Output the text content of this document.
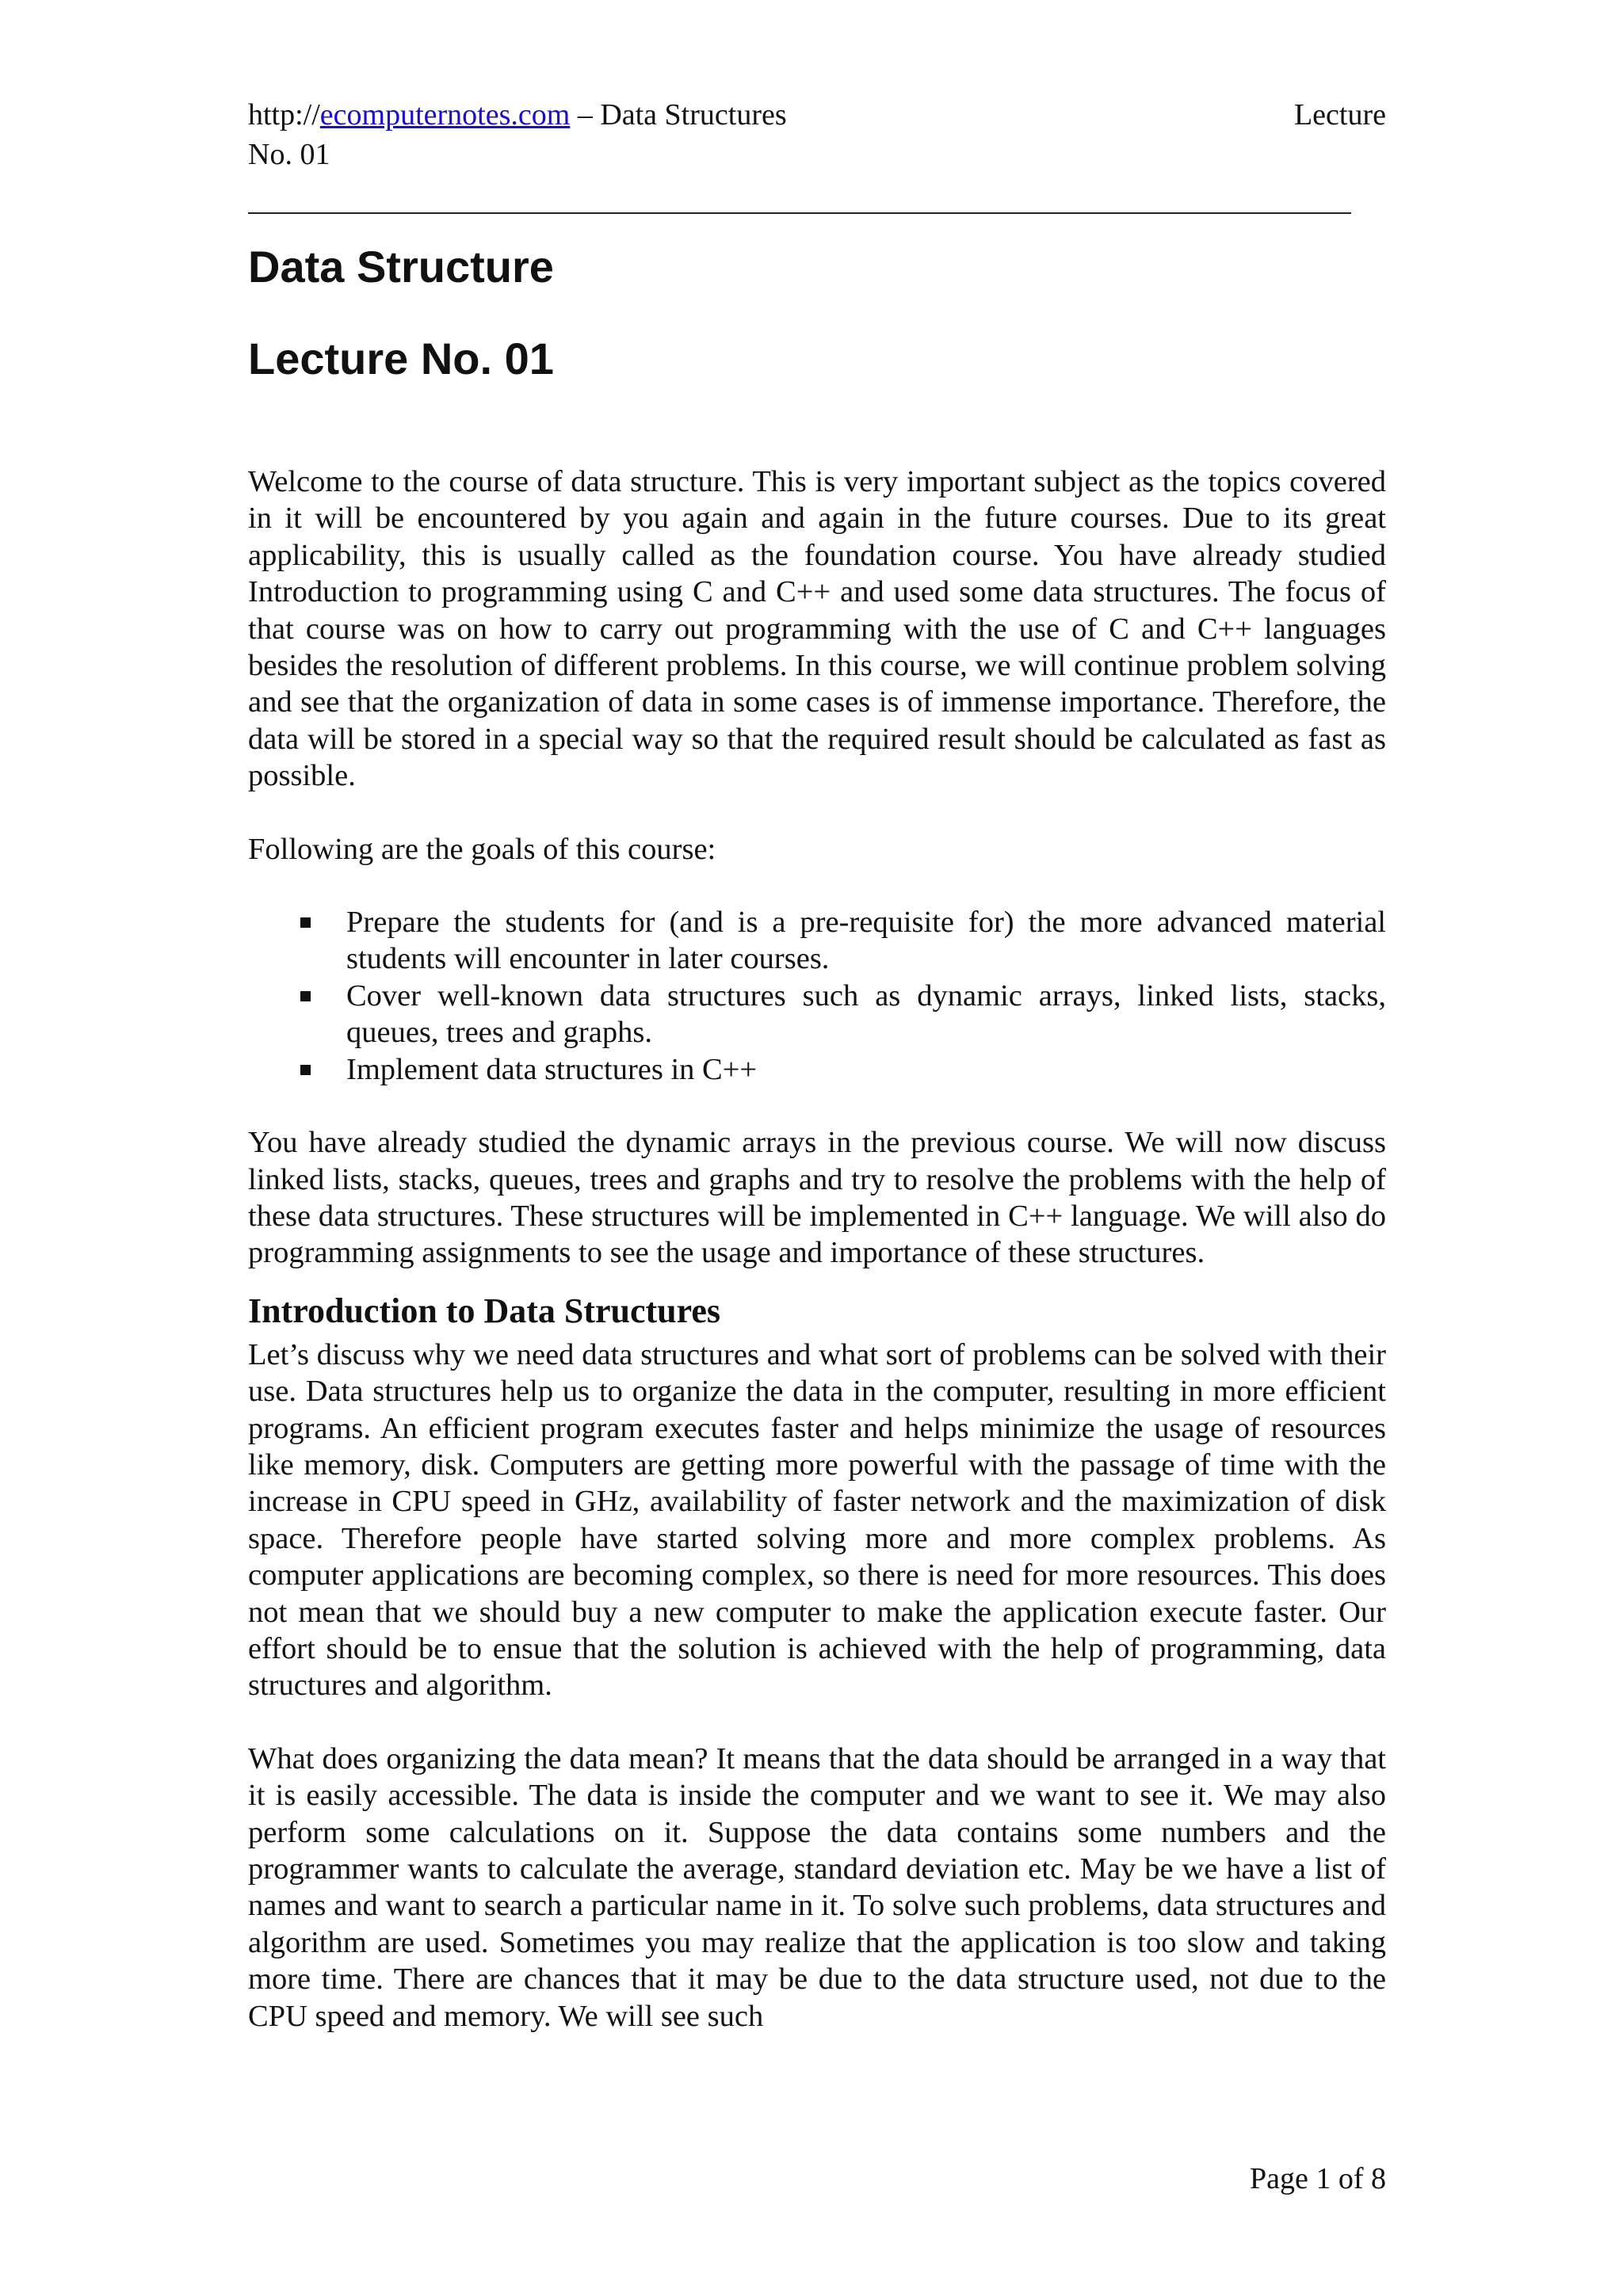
http://ecomputernotes.com – Data Structures	Lecture
No. 01
Data Structure
Lecture No. 01

Welcome to the course of data structure. This is very important subject as the topics covered in it will be encountered by you again and again in the future courses. Due to its great applicability, this is usually called as the foundation course. You have already studied Introduction to programming using C and C++ and used some data structures. The focus of that course was on how to carry out programming with the use of C and C++ languages besides the resolution of different problems. In this course, we will continue problem solving and see that the organization of data in some cases is of immense importance. Therefore, the data will be stored in a special way so that the required result should be calculated as fast as possible.

Following are the goals of this course:

Prepare the students for (and is a pre-requisite for) the more advanced material students will encounter in later courses.
Cover well-known data structures such as dynamic arrays, linked lists, stacks, queues, trees and graphs.
Implement data structures in C++

You have already studied the dynamic arrays in the previous course. We will now discuss linked lists, stacks, queues, trees and graphs and try to resolve the problems with the help of these data structures. These structures will be implemented in C++ language. We will also do programming assignments to see the usage and importance of these structures.

Introduction to Data Structures

Let’s discuss why we need data structures and what sort of problems can be solved with their use. Data structures help us to organize the data in the computer, resulting in more efficient programs. An efficient program executes faster and helps minimize the usage of resources like memory, disk. Computers are getting more powerful with the passage of time with the increase in CPU speed in GHz, availability of faster network and the maximization of disk space. Therefore people have started solving more and more complex problems. As computer applications are becoming complex, so there is need for more resources. This does not mean that we should buy a new computer to make the application execute faster. Our effort should be to ensue that the solution is achieved with the help of programming, data structures and algorithm.

What does organizing the data mean? It means that the data should be arranged in a way that it is easily accessible. The data is inside the computer and we want to see it. We may also perform some calculations on it. Suppose the data contains some numbers and the programmer wants to calculate the average, standard deviation etc. May be we have a list of names and want to search a particular name in it. To solve such problems, data structures and algorithm are used. Sometimes you may realize that the application is too slow and taking more time. There are chances that it may be due to the data structure used, not due to the CPU speed and memory. We will see such

Page 1 of 8
